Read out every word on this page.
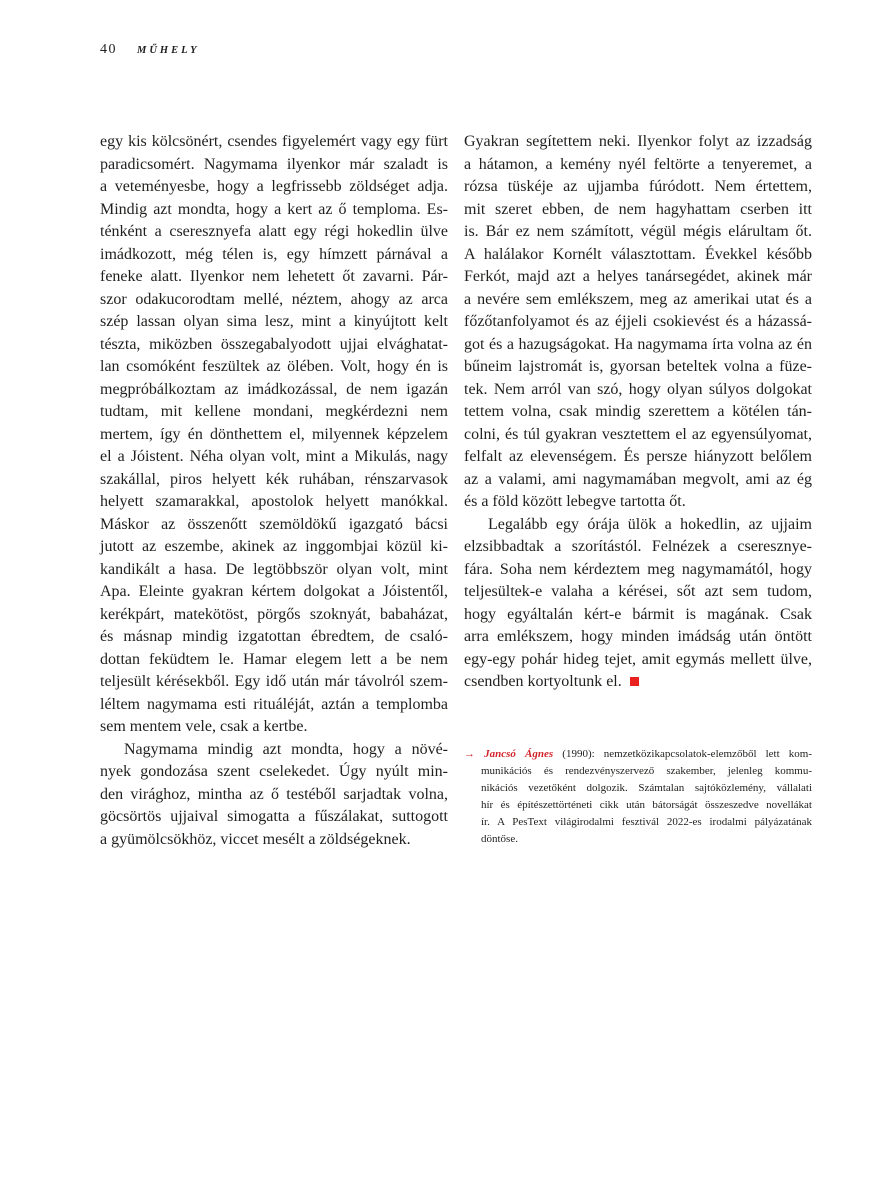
40 MŰHELY
egy kis kölcsönért, csendes figyelemért vagy egy fürt
paradicsomért. Nagymama ilyenkor már szaladt is
a veteményesbe, hogy a legfrissebb zöldséget adja.
Mindig azt mondta, hogy a kert az ő temploma. Es-
ténként a cseresznyefa alatt egy régi hokedlin ülve
imádkozott, még télen is, egy hímzett párnával a
feneke alatt. Ilyenkor nem lehetett őt zavarni. Pár-
szor odakucorodtam mellé, néztem, ahogy az arca
szép lassan olyan sima lesz, mint a kinyújtott kelt
tészta, miközben összegabalyodott ujjai elvághatat-
lan csomóként feszültek az ölében. Volt, hogy én is
megpróbálkoztam az imádkozással, de nem igazán
tudtam, mit kellene mondani, megkérdezni nem
mertem, így én dönthettem el, milyennek képzelem
el a Jóistent. Néha olyan volt, mint a Mikulás, nagy
szakállal, piros helyett kék ruhában, rénszarvasok
helyett szamarakkal, apostolok helyett manókkal.
Máskor az összenőtt szemöldökű igazgató bácsi
jutott az eszembe, akinek az inggombjai közül ki-
kandikált a hasa. De legtöbbször olyan volt, mint
Apa. Eleinte gyakran kértem dolgokat a Jóistentől,
kerékpárt, matekötöst, pörgős szoknyát, babaházat,
és másnap mindig izgatottan ébredtem, de csaló-
dottan feküdtem le. Hamar elegem lett a be nem
teljesült kérésekből. Egy idő után már távolról szem-
léltem nagymama esti rituáléját, aztán a templomba
sem mentem vele, csak a kertbe.
Nagymama mindig azt mondta, hogy a növé-
nyek gondozása szent cselekedet. Úgy nyúlt min-
den virághoz, mintha az ő testéből sarjadtak volna,
göcsörtös ujjaival simogatta a fűszálakat, suttogott
a gyümölcsökhöz, viccet mesélt a zöldségeknek.
Gyakran segítettem neki. Ilyenkor folyt az izzadság
a hátamon, a kemény nyél feltörte a tenyeremet, a
rózsa tüskéje az ujjamba fúródott. Nem értettem,
mit szeret ebben, de nem hagyhattam cserben itt
is. Bár ez nem számított, végül mégis elárultam őt.
A halálakor Kornélt választottam. Évekkel később
Ferkót, majd azt a helyes tanársegédet, akinek már
a nevére sem emlékszem, meg az amerikai utat és a
főzőtanfolyamot és az éjjeli csokievést és a házassá-
got és a hazugságokat. Ha nagymama írta volna az én
bűneim lajstromát is, gyorsan beteltek volna a füze-
tek. Nem arról van szó, hogy olyan súlyos dolgokat
tettem volna, csak mindig szerettem a kötélen tán-
colni, és túl gyakran vesztettem el az egyensúlyomat,
felfalt az elevenségem. És persze hiányzott belőlem
az a valami, ami nagymamában megvolt, ami az ég
és a föld között lebegve tartotta őt.
Legalább egy órája ülök a hokedlin, az ujjaim
elzsibbadtak a szorítástól. Felnézek a cseresznye-
fára. Soha nem kérdeztem meg nagymamától, hogy
teljesültek-e valaha a kérései, sőt azt sem tudom,
hogy egyáltalán kért-e bármit is magának. Csak
arra emlékszem, hogy minden imádság után öntött
egy-egy pohár hideg tejet, amit egymás mellett ülve,
csendben kortyoltunk el.
→ Jancsó Ágnes (1990): nemzetközikapcsolatok-elemzőből lett kom-
munikációs és rendezvényszervező szakember, jelenleg kommu-
nikációs vezetőként dolgozik. Számtalan sajtóközlemény, vállalati
hír és építészettörténeti cikk után bátorságát összeszedve novellákat
ír. A PesText világirodalmi fesztivál 2022-es irodalmi pályázatának
döntőse.
